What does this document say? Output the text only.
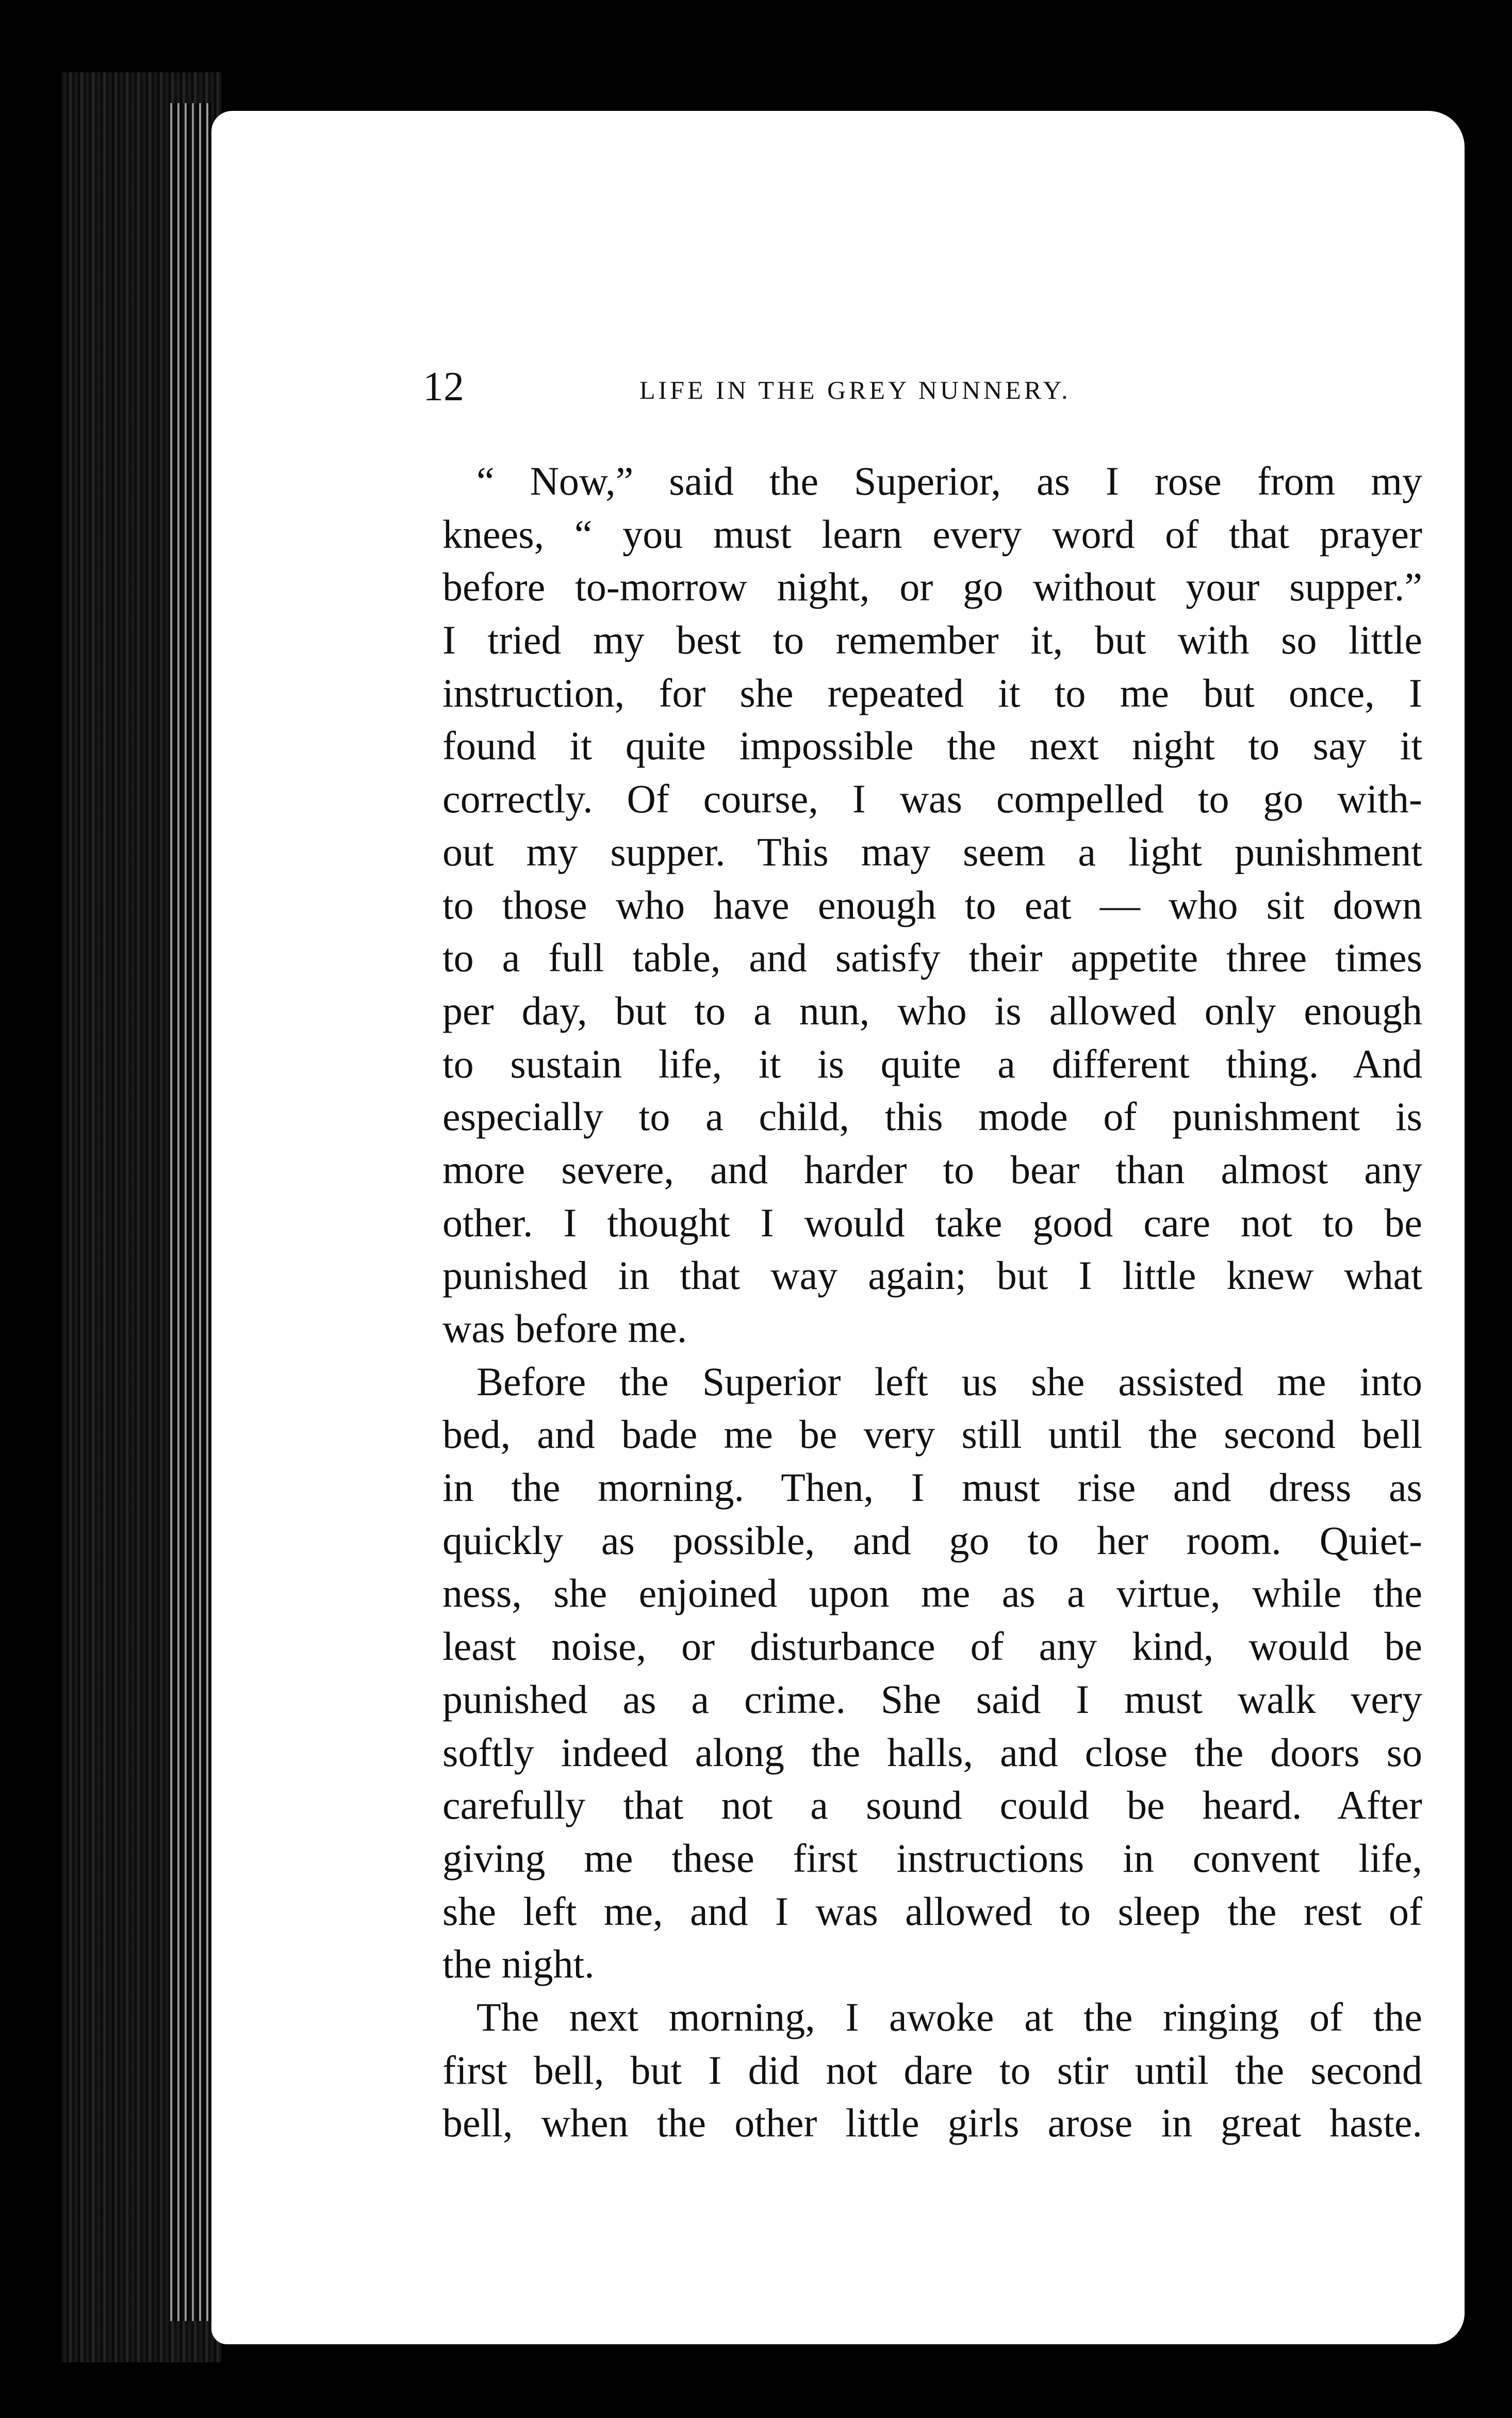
12	LIFE IN THE GREY NUNNERY.
“ Now,” said the Superior, as I rose from my
knees, “ you must learn every word of that prayer
before to-morrow night, or go without your supper.”
I tried my best to remember it, but with so little
instruction, for she repeated it to me but once, I
found it quite impossible the next night to say it
correctly. Of course, I was compelled to go with-
out my supper. This may seem a light punishment
to those who have enough to eat — who sit down
to a full table, and satisfy their appetite three times
per day, but to a nun, who is allowed only enough
to sustain life, it is quite a different thing. And
especially to a child, this mode of punishment is
more severe, and harder to bear than almost any
other. I thought I would take good care not to be
punished in that way again; but I little knew what
was before me.
Before the Superior left us she assisted me into
bed, and bade me be very still until the second bell
in the morning. Then, I must rise and dress as
quickly as possible, and go to her room. Quiet-
ness, she enjoined upon me as a virtue, while the
least noise, or disturbance of any kind, would be
punished as a crime. She said I must walk very
softly indeed along the halls, and close the doors so
carefully that not a sound could be heard. After
giving me these first instructions in convent life,
she left me, and I was allowed to sleep the rest of
the night.
The next morning, I awoke at the ringing of the
first bell, but I did not dare to stir until the second
bell, when the other little girls arose in great haste.
